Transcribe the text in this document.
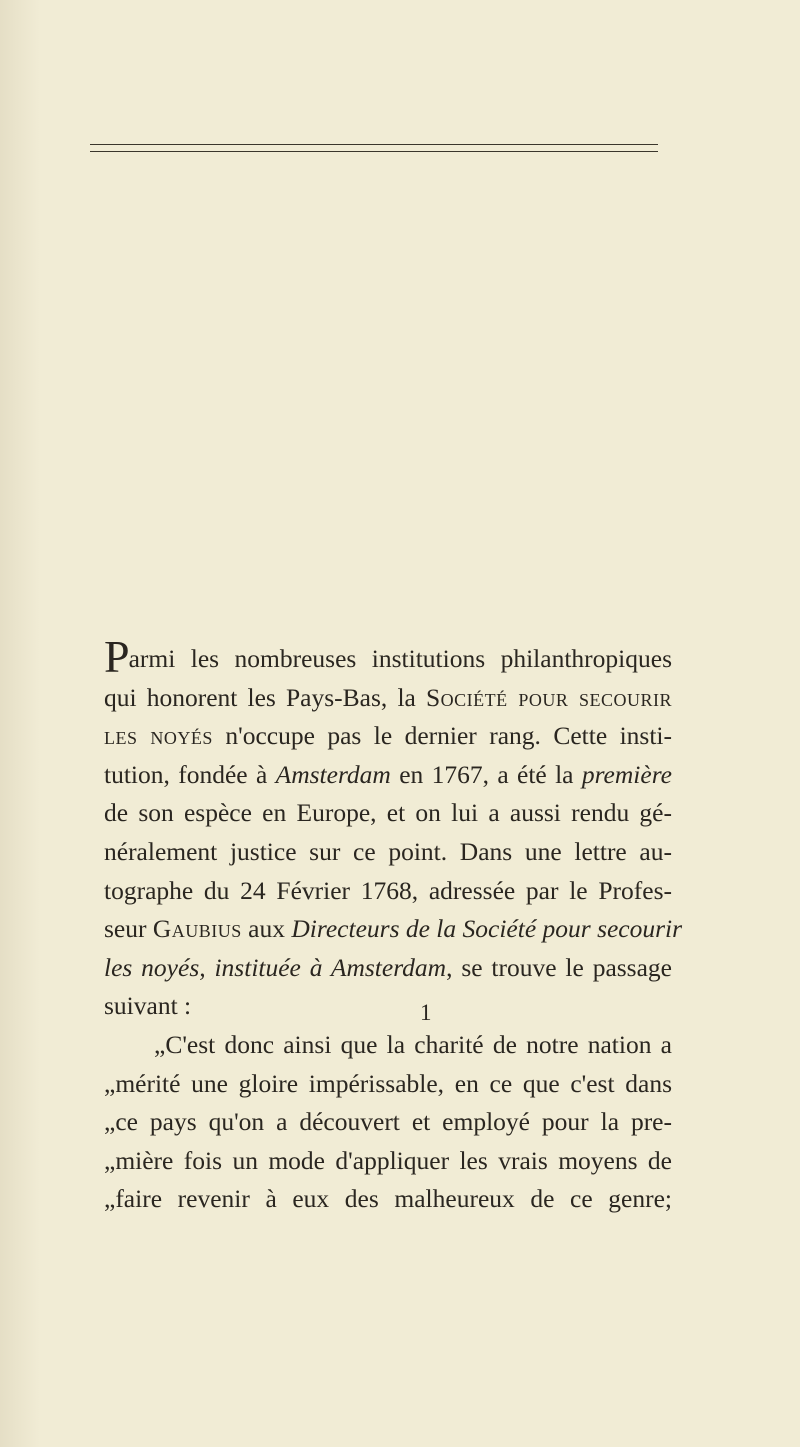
Parmi les nombreuses institutions philanthropiques
qui honorent les Pays-Bas, la Société pour secourir
les noyés n'occupe pas le dernier rang. Cette insti-
tution, fondée à Amsterdam en 1767, a été la première
de son espèce en Europe, et on lui a aussi rendu gé-
néralement justice sur ce point. Dans une lettre au-
tographe du 24 Février 1768, adressée par le Profes-
seur Gaubius aux Directeurs de la Société pour secourir
les noyés, instituée à Amsterdam, se trouve le passage
suivant :
„C'est donc ainsi que la charité de notre nation a
„mérité une gloire impérissable, en ce que c'est dans
„ce pays qu'on a découvert et employé pour la pre-
„mière fois un mode d'appliquer les vrais moyens de
„faire revenir à eux des malheureux de ce genre;
1
